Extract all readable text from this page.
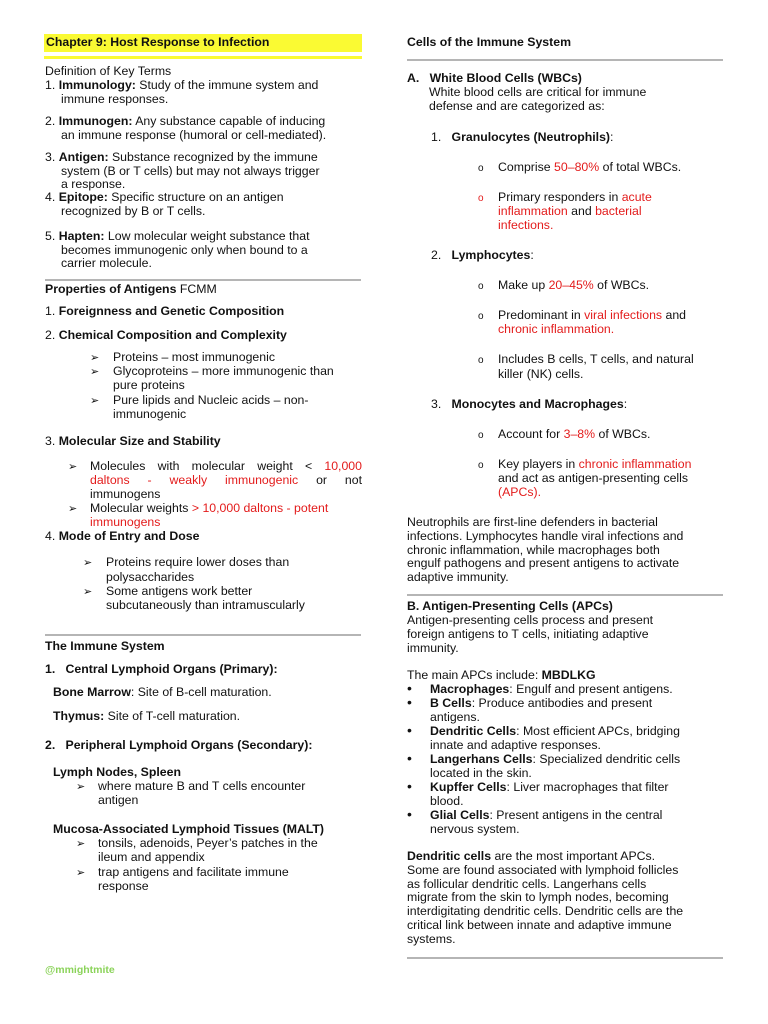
Chapter 9: Host Response to Infection
Definition of Key Terms
1. Immunology: Study of the immune system and
immune responses.
2. Immunogen: Any substance capable of inducing
an immune response (humoral or cell-mediated).
3. Antigen: Substance recognized by the immune
system (B or T cells) but may not always trigger
a response.
4. Epitope: Specific structure on an antigen
recognized by B or T cells.
5. Hapten: Low molecular weight substance that
becomes immunogenic only when bound to a
carrier molecule.
Properties of Antigens FCMM
1. Foreignness and Genetic Composition
2. Chemical Composition and Complexity
➢ Proteins – most immunogenic
➢ Glycoproteins – more immunogenic than
pure proteins
➢ Pure lipids and Nucleic acids – non-
immunogenic
3. Molecular Size and Stability
➢ Molecules with molecular weight < 10,000
daltons - weakly immunogenic or not
immunogens
➢ Molecular weights > 10,000 daltons - potent
immunogens
4. Mode of Entry and Dose
➢ Proteins require lower doses than
polysaccharides
➢ Some antigens work better
subcutaneously than intramuscularly
The Immune System
1. Central Lymphoid Organs (Primary):
Bone Marrow: Site of B-cell maturation.
Thymus: Site of T-cell maturation.
2. Peripheral Lymphoid Organs (Secondary):
Lymph Nodes, Spleen
➢ where mature B and T cells encounter
antigen
Mucosa-Associated Lymphoid Tissues (MALT)
➢ tonsils, adenoids, Peyer’s patches in the
ileum and appendix
➢ trap antigens and facilitate immune
response
@mmightmite
Cells of the Immune System
A. White Blood Cells (WBCs)
White blood cells are critical for immune
defense and are categorized as:
1. Granulocytes (Neutrophils):
o Comprise 50–80% of total WBCs.
o Primary responders in acute
inflammation and bacterial
infections.
2. Lymphocytes:
o Make up 20–45% of WBCs.
o Predominant in viral infections and
chronic inflammation.
o Includes B cells, T cells, and natural
killer (NK) cells.
3. Monocytes and Macrophages:
o Account for 3–8% of WBCs.
o Key players in chronic inflammation
and act as antigen-presenting cells
(APCs).
Neutrophils are first-line defenders in bacterial
infections. Lymphocytes handle viral infections and
chronic inflammation, while macrophages both
engulf pathogens and present antigens to activate
adaptive immunity.
B. Antigen-Presenting Cells (APCs)
Antigen-presenting cells process and present
foreign antigens to T cells, initiating adaptive
immunity.
The main APCs include: MBDLKG
• Macrophages: Engulf and present antigens.
• B Cells: Produce antibodies and present
antigens.
• Dendritic Cells: Most efficient APCs, bridging
innate and adaptive responses.
• Langerhans Cells: Specialized dendritic cells
located in the skin.
• Kupffer Cells: Liver macrophages that filter
blood.
• Glial Cells: Present antigens in the central
nervous system.
Dendritic cells are the most important APCs.
Some are found associated with lymphoid follicles
as follicular dendritic cells. Langerhans cells
migrate from the skin to lymph nodes, becoming
interdigitating dendritic cells. Dendritic cells are the
critical link between innate and adaptive immune
systems.
